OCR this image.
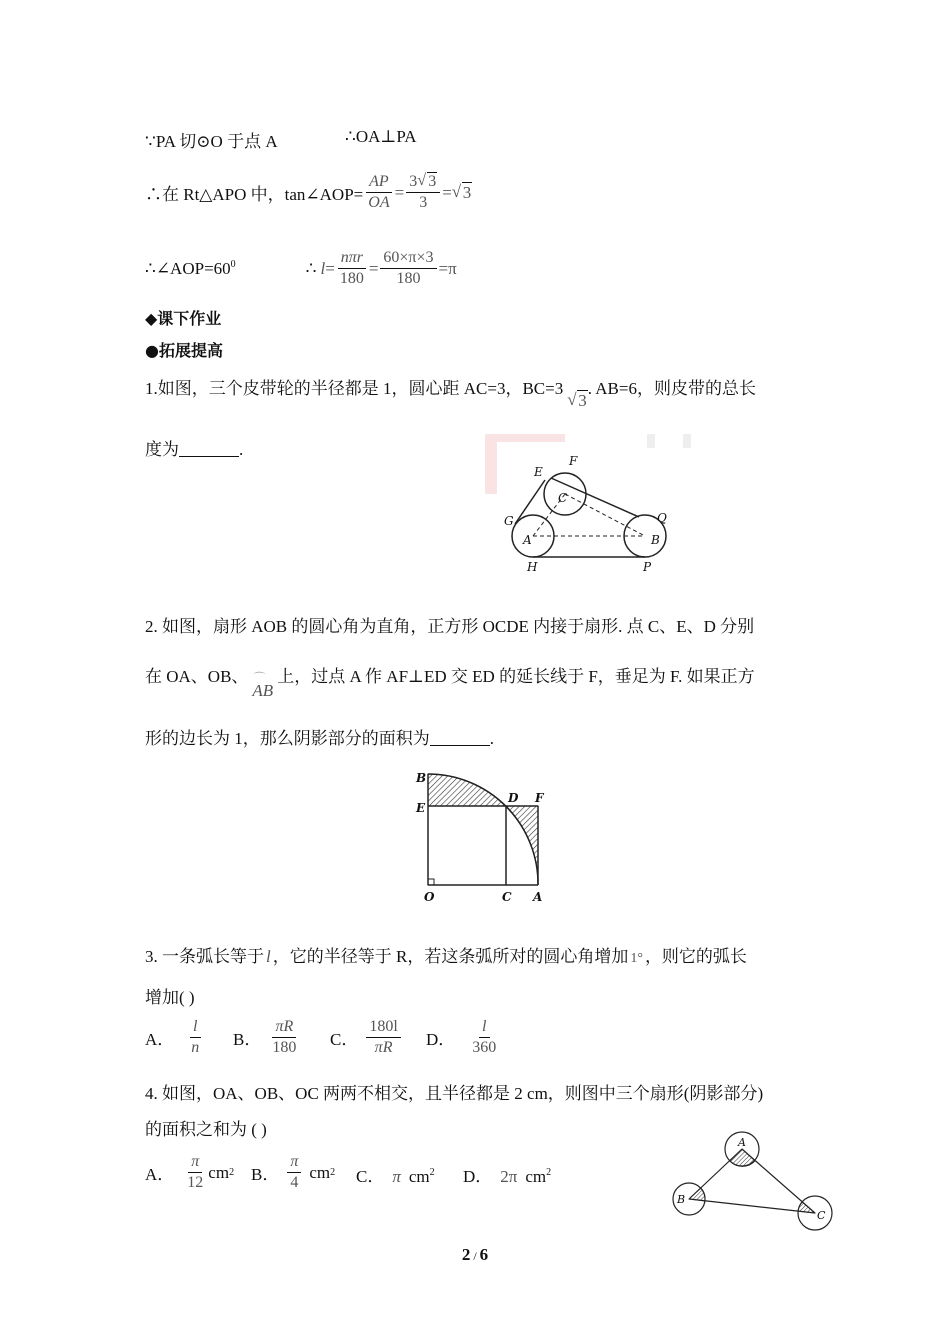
∵PA 切⊙O 于点 A	∴OA⊥PA
∴在 Rt△APO 中，tan∠AOP= $\frac{AP}{OA} = \frac{3 √ 3}{3}$ = √ 3
$\therefore\angle AOP=60^0$	∴ $l = \frac{\text{nπr}}{180} = \frac{60\times\pi\times 3}{180} =\pi$
◆课下作业
●拓展提高
1.如图，三个皮带轮的半径都是 1，圆心距 AC=3，BC=3√ 3. AB=6，则皮带的总长
度为	.
E
F
C
G	Q
A	B
H	P
2. 如图，扇形 AOB 的圆心角为直角，正方形 OCDE 内接于扇形. 点 C、E、D 分别
在 OA、OB、 ⌒
AB上，过点 A 作 AF⊥ED 交 ED 的延长线于 F，垂足为 F. 如果正方
形的边长为 1，那么阴影部分的面积为	.
B
E
D F
O	C A
3. 一条弧长等于 l ，它的半径等于 R，若这条弧所对的圆心角增加 1° ，则它的弧长
增加( )
A． $\frac{l}{n}$ B． $\frac{\pi R}{180}$ C． $\frac{180l}{\pi R}$ D． $\frac{l}{360}$
4. 如图，OA、OB、OC 两两不相交，且半径都是 2 cm，则图中三个扇形(阴影部分)
的面积之和为 ( )
A． $\frac{\pi}{12}$ cm 2 B． $\frac{\pi}{4}$ cm 2 C． π $cm^2$ D． 2π $cm^2$
A
B
C
2 / 6
